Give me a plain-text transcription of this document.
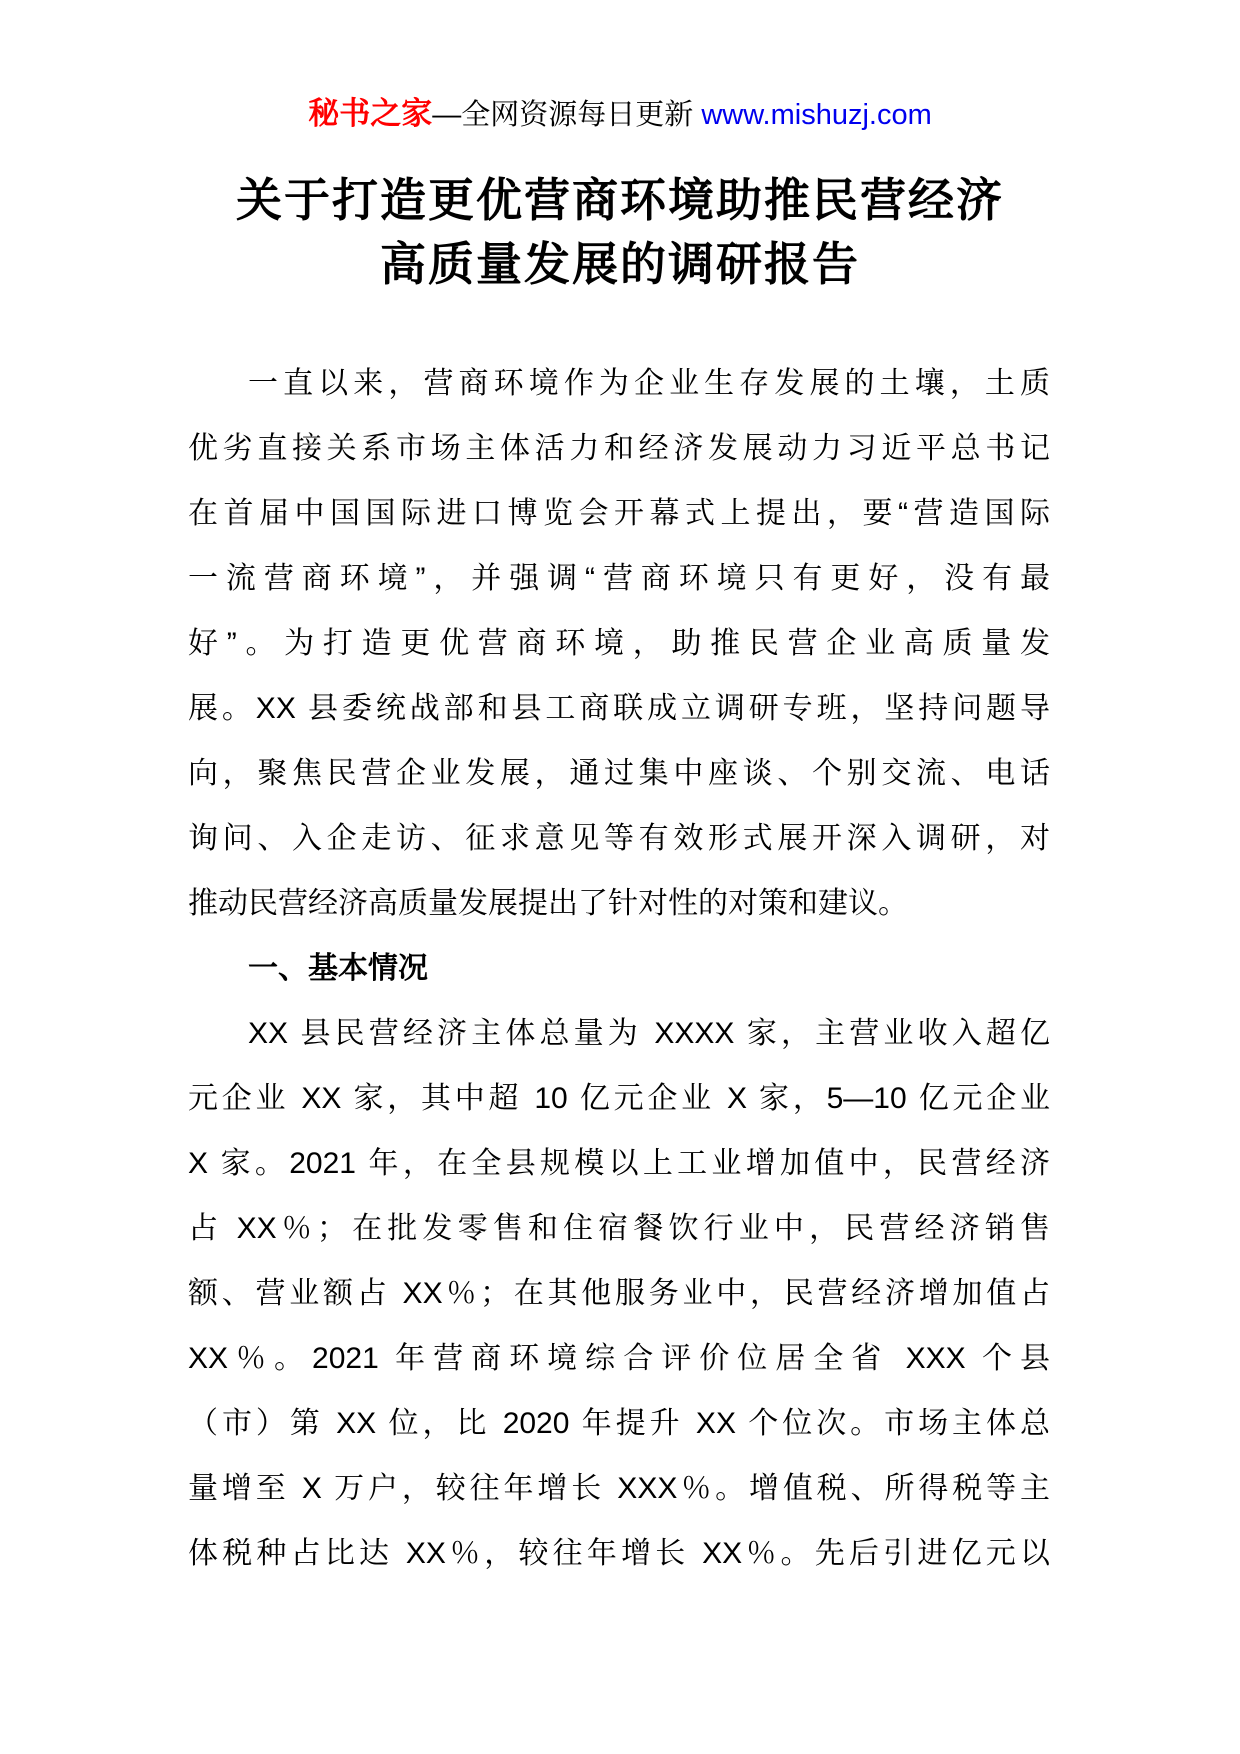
秘书之家—全网资源每日更新 www.mishuzj.com
关于打造更优营商环境助推民营经济
高质量发展的调研报告
一直以来，营商环境作为企业生存发展的土壤，土质
优劣直接关系市场主体活力和经济发展动力习近平总书记
在首届中国国际进口博览会开幕式上提出，要“营造国际
一流营商环境”，并强调“营商环境只有更好，没有最
好”。为打造更优营商环境，助推民营企业高质量发
展。XX 县委统战部和县工商联成立调研专班，坚持问题导
向，聚焦民营企业发展，通过集中座谈、个别交流、电话
询问、入企走访、征求意见等有效形式展开深入调研，对
推动民营经济高质量发展提出了针对性的对策和建议。
一、基本情况
XX 县民营经济主体总量为 XXXX 家，主营业收入超亿
元企业 XX 家，其中超 10 亿元企业 X 家，5—10 亿元企业
X 家。2021 年，在全县规模以上工业增加值中，民营经济
占 XX％；在批发零售和住宿餐饮行业中，民营经济销售
额、营业额占 XX％；在其他服务业中，民营经济增加值占
XX％。2021 年营商环境综合评价位居全省 XXX 个县
（市）第 XX 位，比 2020 年提升 XX 个位次。市场主体总
量增至 X 万户，较往年增长 XXX％。增值税、所得税等主
体税种占比达 XX％，较往年增长 XX％。先后引进亿元以
